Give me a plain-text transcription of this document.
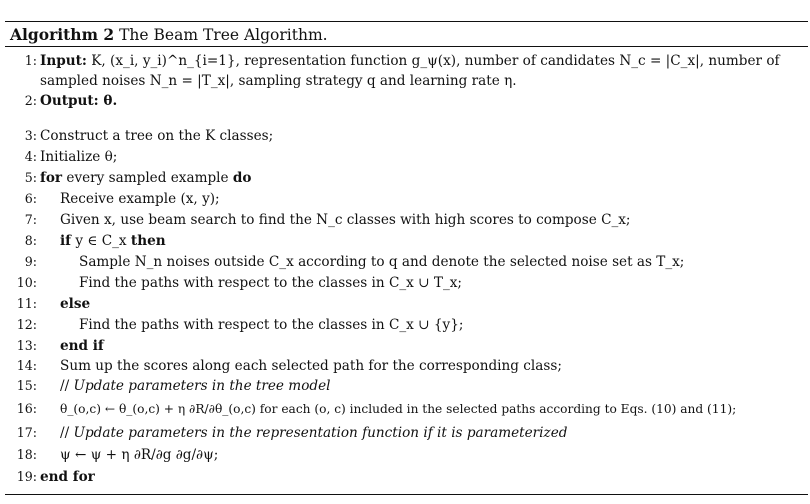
Algorithm 2 The Beam Tree Algorithm.
1: Input: K, (x_i, y_i)^n_{i=1}, representation function g_ψ(x), number of candidates N_c = |C_x|, number of
sampled noises N_n = |T_x|, sampling strategy q and learning rate η.
2: Output: θ.
3: Construct a tree on the K classes;
4: Initialize θ;
5: for every sampled example do
6: Receive example (x, y);
7: Given x, use beam search to find the N_c classes with high scores to compose C_x;
8: if y ∈ C_x then
9:	Sample N_n noises outside C_x according to q and denote the selected noise set as T_x;
10:	Find the paths with respect to the classes in C_x ∪ T_x;
11: else
12:	Find the paths with respect to the classes in C_x ∪ {y};
13: end if
14: Sum up the scores along each selected path for the corresponding class;
15: // Update parameters in the tree model
16: θ_(o,c) ← θ_(o,c) + η ∂R/∂θ_(o,c) for each (o, c) included in the selected paths according to Eqs. (10) and (11);
17: // Update parameters in the representation function if it is parameterized
18: ψ ← ψ + η ∂R/∂g ∂g/∂ψ;
19: end for
